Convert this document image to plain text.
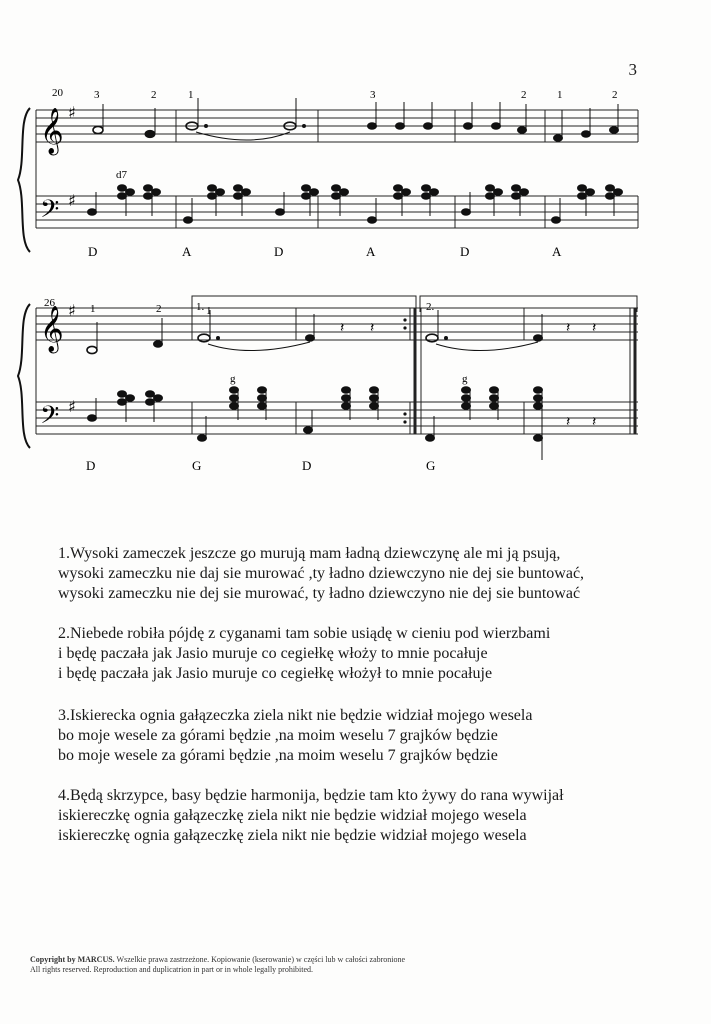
3
𝄞
𝄢
♯
♯
20	3	2	1	3	2	1	2
d7
D	A	D	A	D	A
𝄞
𝄢
♯
♯
𝄽 𝄽	𝄽 𝄽
𝄽 𝄽
26	1	2	1
1.	2.
g	g
D	G	D	G
1.Wysoki zameczek jeszcze go murują mam ładną dziewczynę ale mi ją psują,
wysoki zameczku nie daj sie murować ,ty ładno dziewczyno nie dej sie buntować,
wysoki zameczku nie dej sie murować, ty ładno dziewczyno nie dej sie buntować
2.Niebede robiła pójdę z cyganami tam sobie usiądę w cieniu pod wierzbami
i będę paczała jak Jasio muruje co cegiełkę włoży to mnie pocałuje
i będę paczała jak Jasio muruje co cegiełkę włożył to mnie pocałuje
3.Iskierecka ognia gałązeczka ziela nikt nie będzie widział mojego wesela
bo moje wesele za górami będzie ,na moim weselu 7 grajków będzie
bo moje wesele za górami będzie ,na moim weselu 7 grajków będzie
4.Będą skrzypce, basy będzie harmonija, będzie tam kto żywy do rana wywijał
iskiereczkę ognia gałązeczkę ziela nikt nie będzie widział mojego wesela
iskiereczkę ognia gałązeczkę ziela nikt nie będzie widział mojego wesela
Copyright by MARCUS. Wszelkie prawa zastrzeżone. Kopiowanie (kserowanie) w części lub w całości zabronione
All rights reserved. Reproduction and duplicatrion in part or in whole legally prohibited.
